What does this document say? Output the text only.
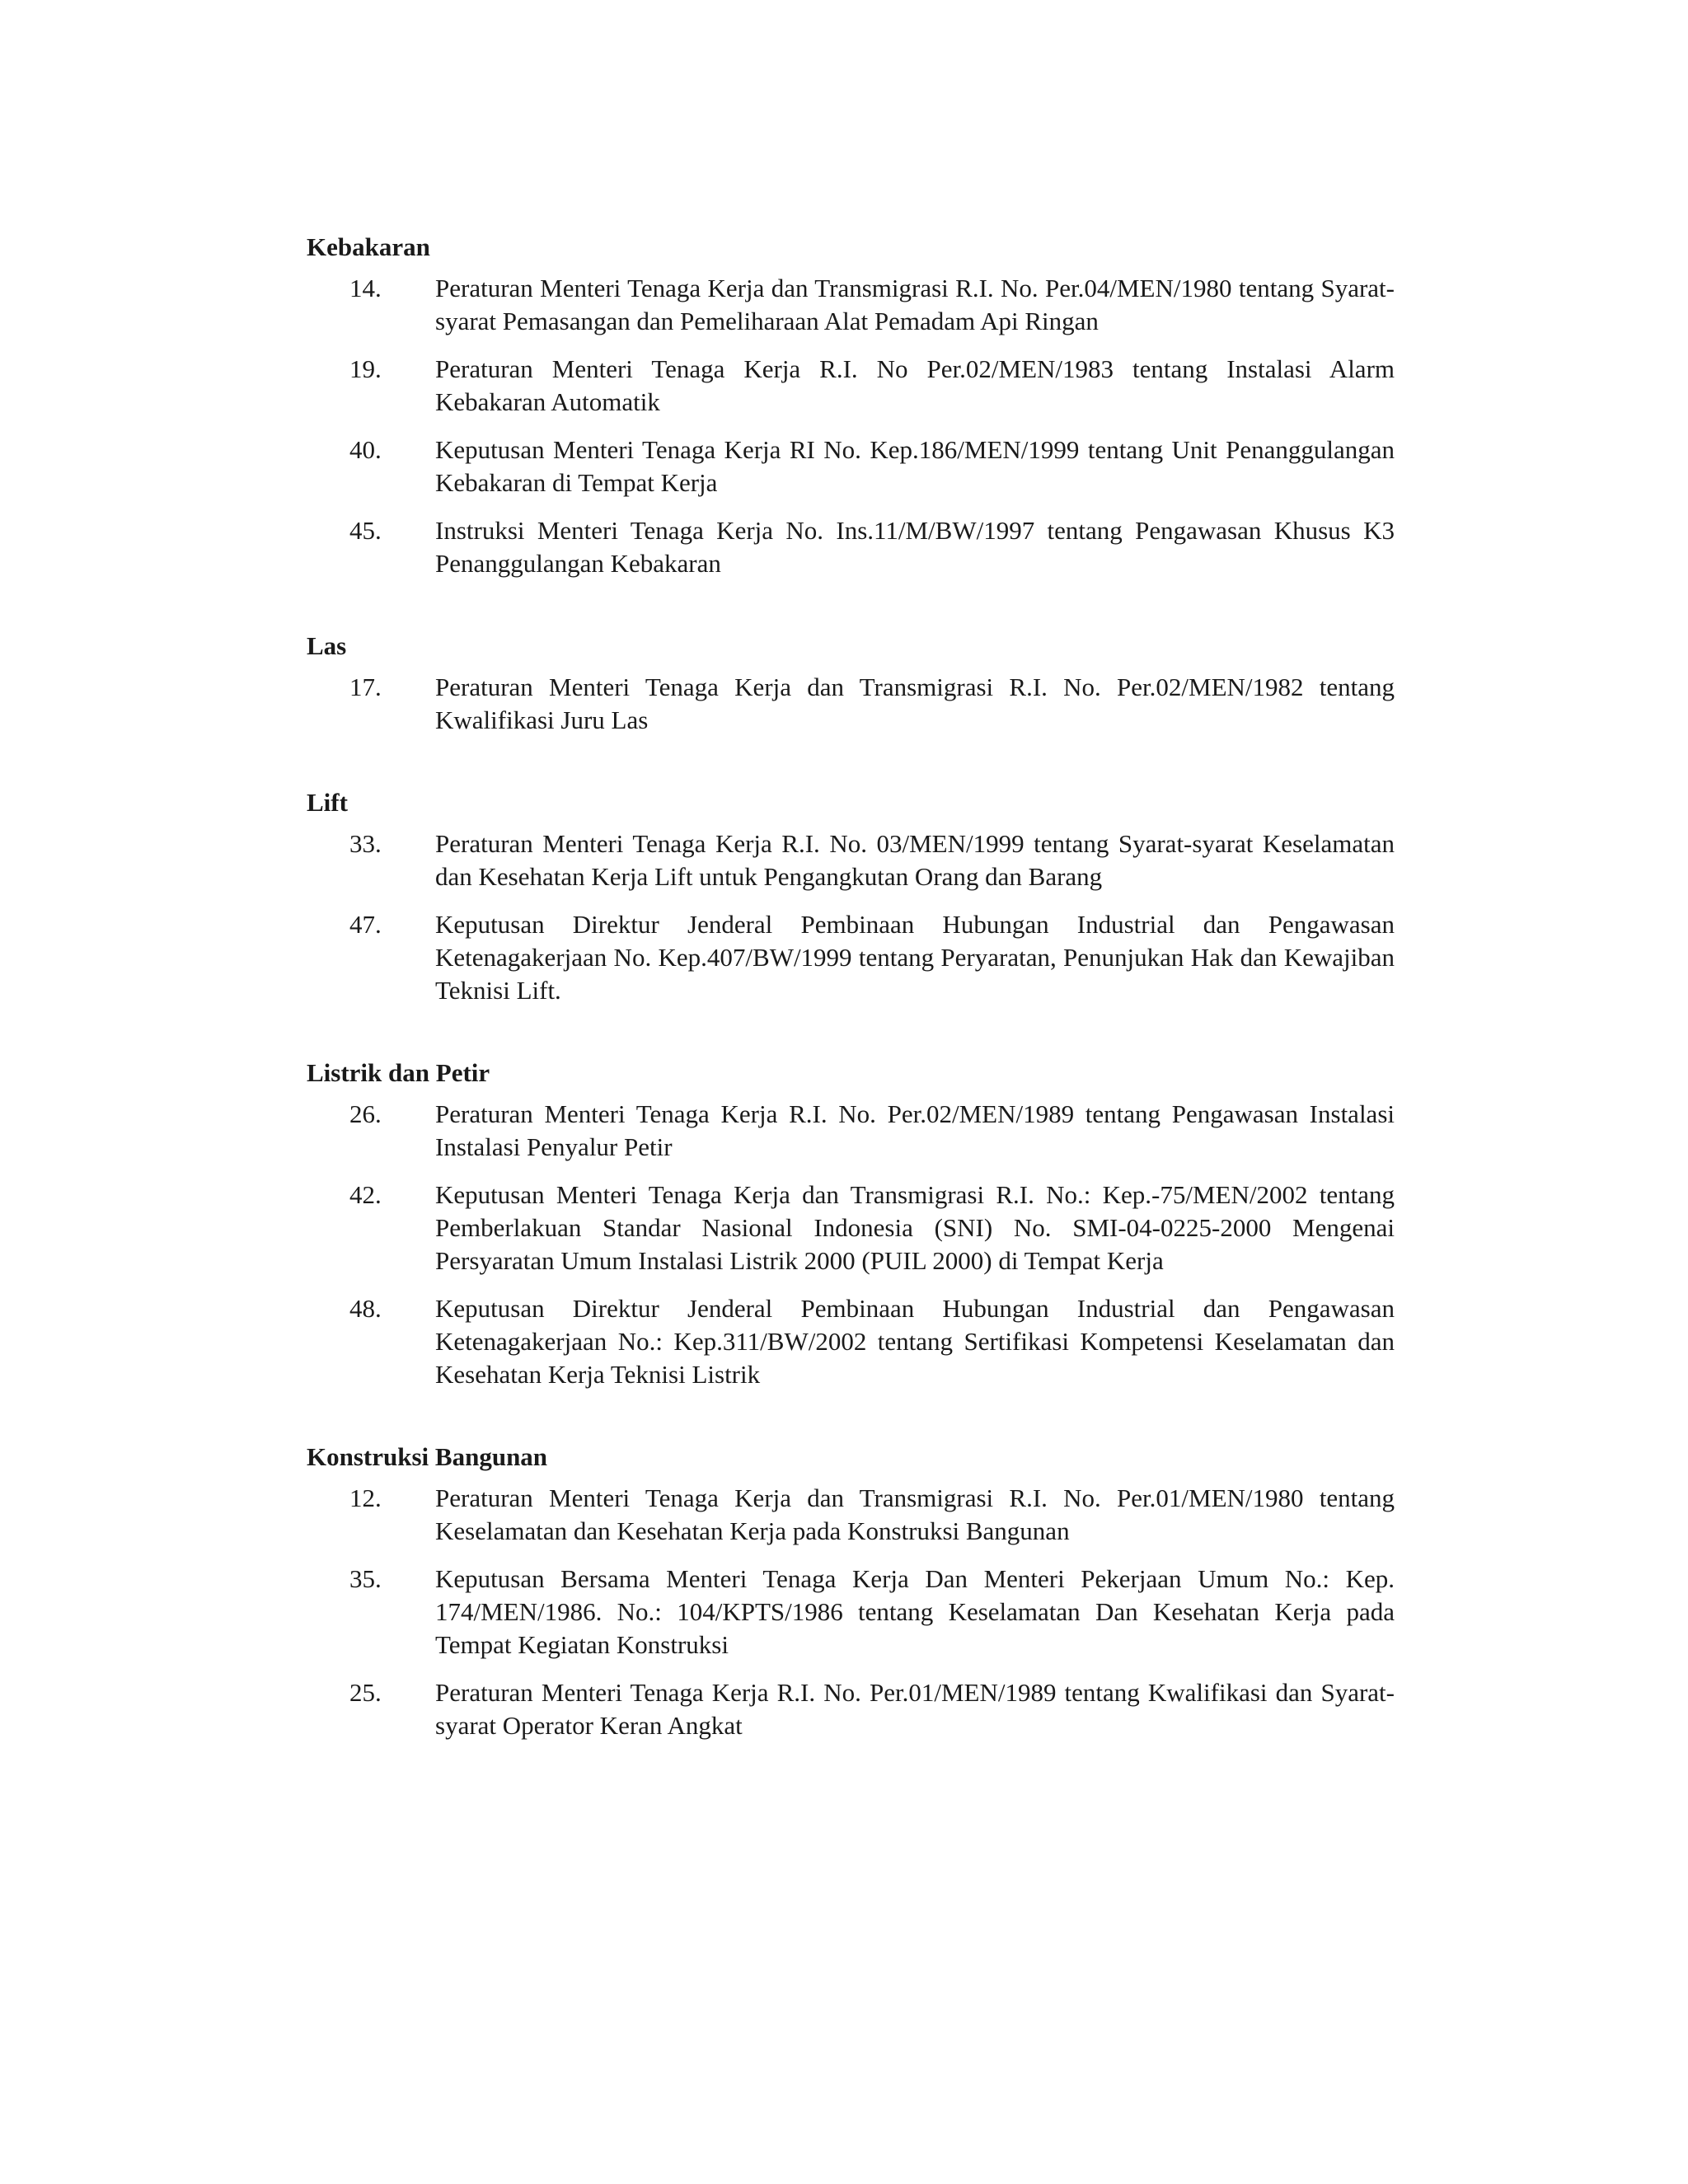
Kebakaran
14.	Peraturan Menteri Tenaga Kerja dan Transmigrasi R.I. No. Per.04/MEN/1980 tentang Syarat-syarat Pemasangan dan Pemeliharaan Alat Pemadam Api Ringan
19.	Peraturan Menteri Tenaga Kerja R.I. No Per.02/MEN/1983 tentang Instalasi Alarm Kebakaran Automatik
40.	Keputusan Menteri Tenaga Kerja RI No. Kep.186/MEN/1999 tentang Unit Penanggulangan Kebakaran di Tempat Kerja
45.	Instruksi Menteri Tenaga Kerja No. Ins.11/M/BW/1997 tentang Pengawasan Khusus K3 Penanggulangan Kebakaran
Las
17.	Peraturan Menteri Tenaga Kerja dan Transmigrasi R.I. No. Per.02/MEN/1982 tentang Kwalifikasi Juru Las
Lift
33.	Peraturan Menteri Tenaga Kerja R.I. No. 03/MEN/1999 tentang Syarat-syarat Keselamatan dan Kesehatan Kerja Lift untuk Pengangkutan Orang dan Barang
47.	Keputusan Direktur Jenderal Pembinaan Hubungan Industrial dan Pengawasan Ketenagakerjaan No. Kep.407/BW/1999 tentang Peryaratan, Penunjukan Hak dan Kewajiban Teknisi Lift.
Listrik dan Petir
26.	Peraturan Menteri Tenaga Kerja R.I. No. Per.02/MEN/1989 tentang Pengawasan Instalasi Instalasi Penyalur Petir
42.	Keputusan Menteri Tenaga Kerja dan Transmigrasi R.I. No.: Kep.-75/MEN/2002 tentang Pemberlakuan Standar Nasional Indonesia (SNI) No. SMI-04-0225-2000 Mengenai Persyaratan Umum Instalasi Listrik 2000 (PUIL 2000) di Tempat Kerja
48.	Keputusan Direktur Jenderal Pembinaan Hubungan Industrial dan Pengawasan Ketenagakerjaan No.: Kep.311/BW/2002 tentang Sertifikasi Kompetensi Keselamatan dan Kesehatan Kerja Teknisi Listrik
Konstruksi Bangunan
12.	Peraturan Menteri Tenaga Kerja dan Transmigrasi R.I. No. Per.01/MEN/1980 tentang Keselamatan dan Kesehatan Kerja pada Konstruksi Bangunan
35.	Keputusan Bersama Menteri Tenaga Kerja Dan Menteri Pekerjaan Umum No.: Kep. 174/MEN/1986. No.: 104/KPTS/1986 tentang Keselamatan Dan Kesehatan Kerja pada Tempat Kegiatan Konstruksi
25.	Peraturan Menteri Tenaga Kerja R.I. No. Per.01/MEN/1989 tentang Kwalifikasi dan Syarat-syarat Operator Keran Angkat
